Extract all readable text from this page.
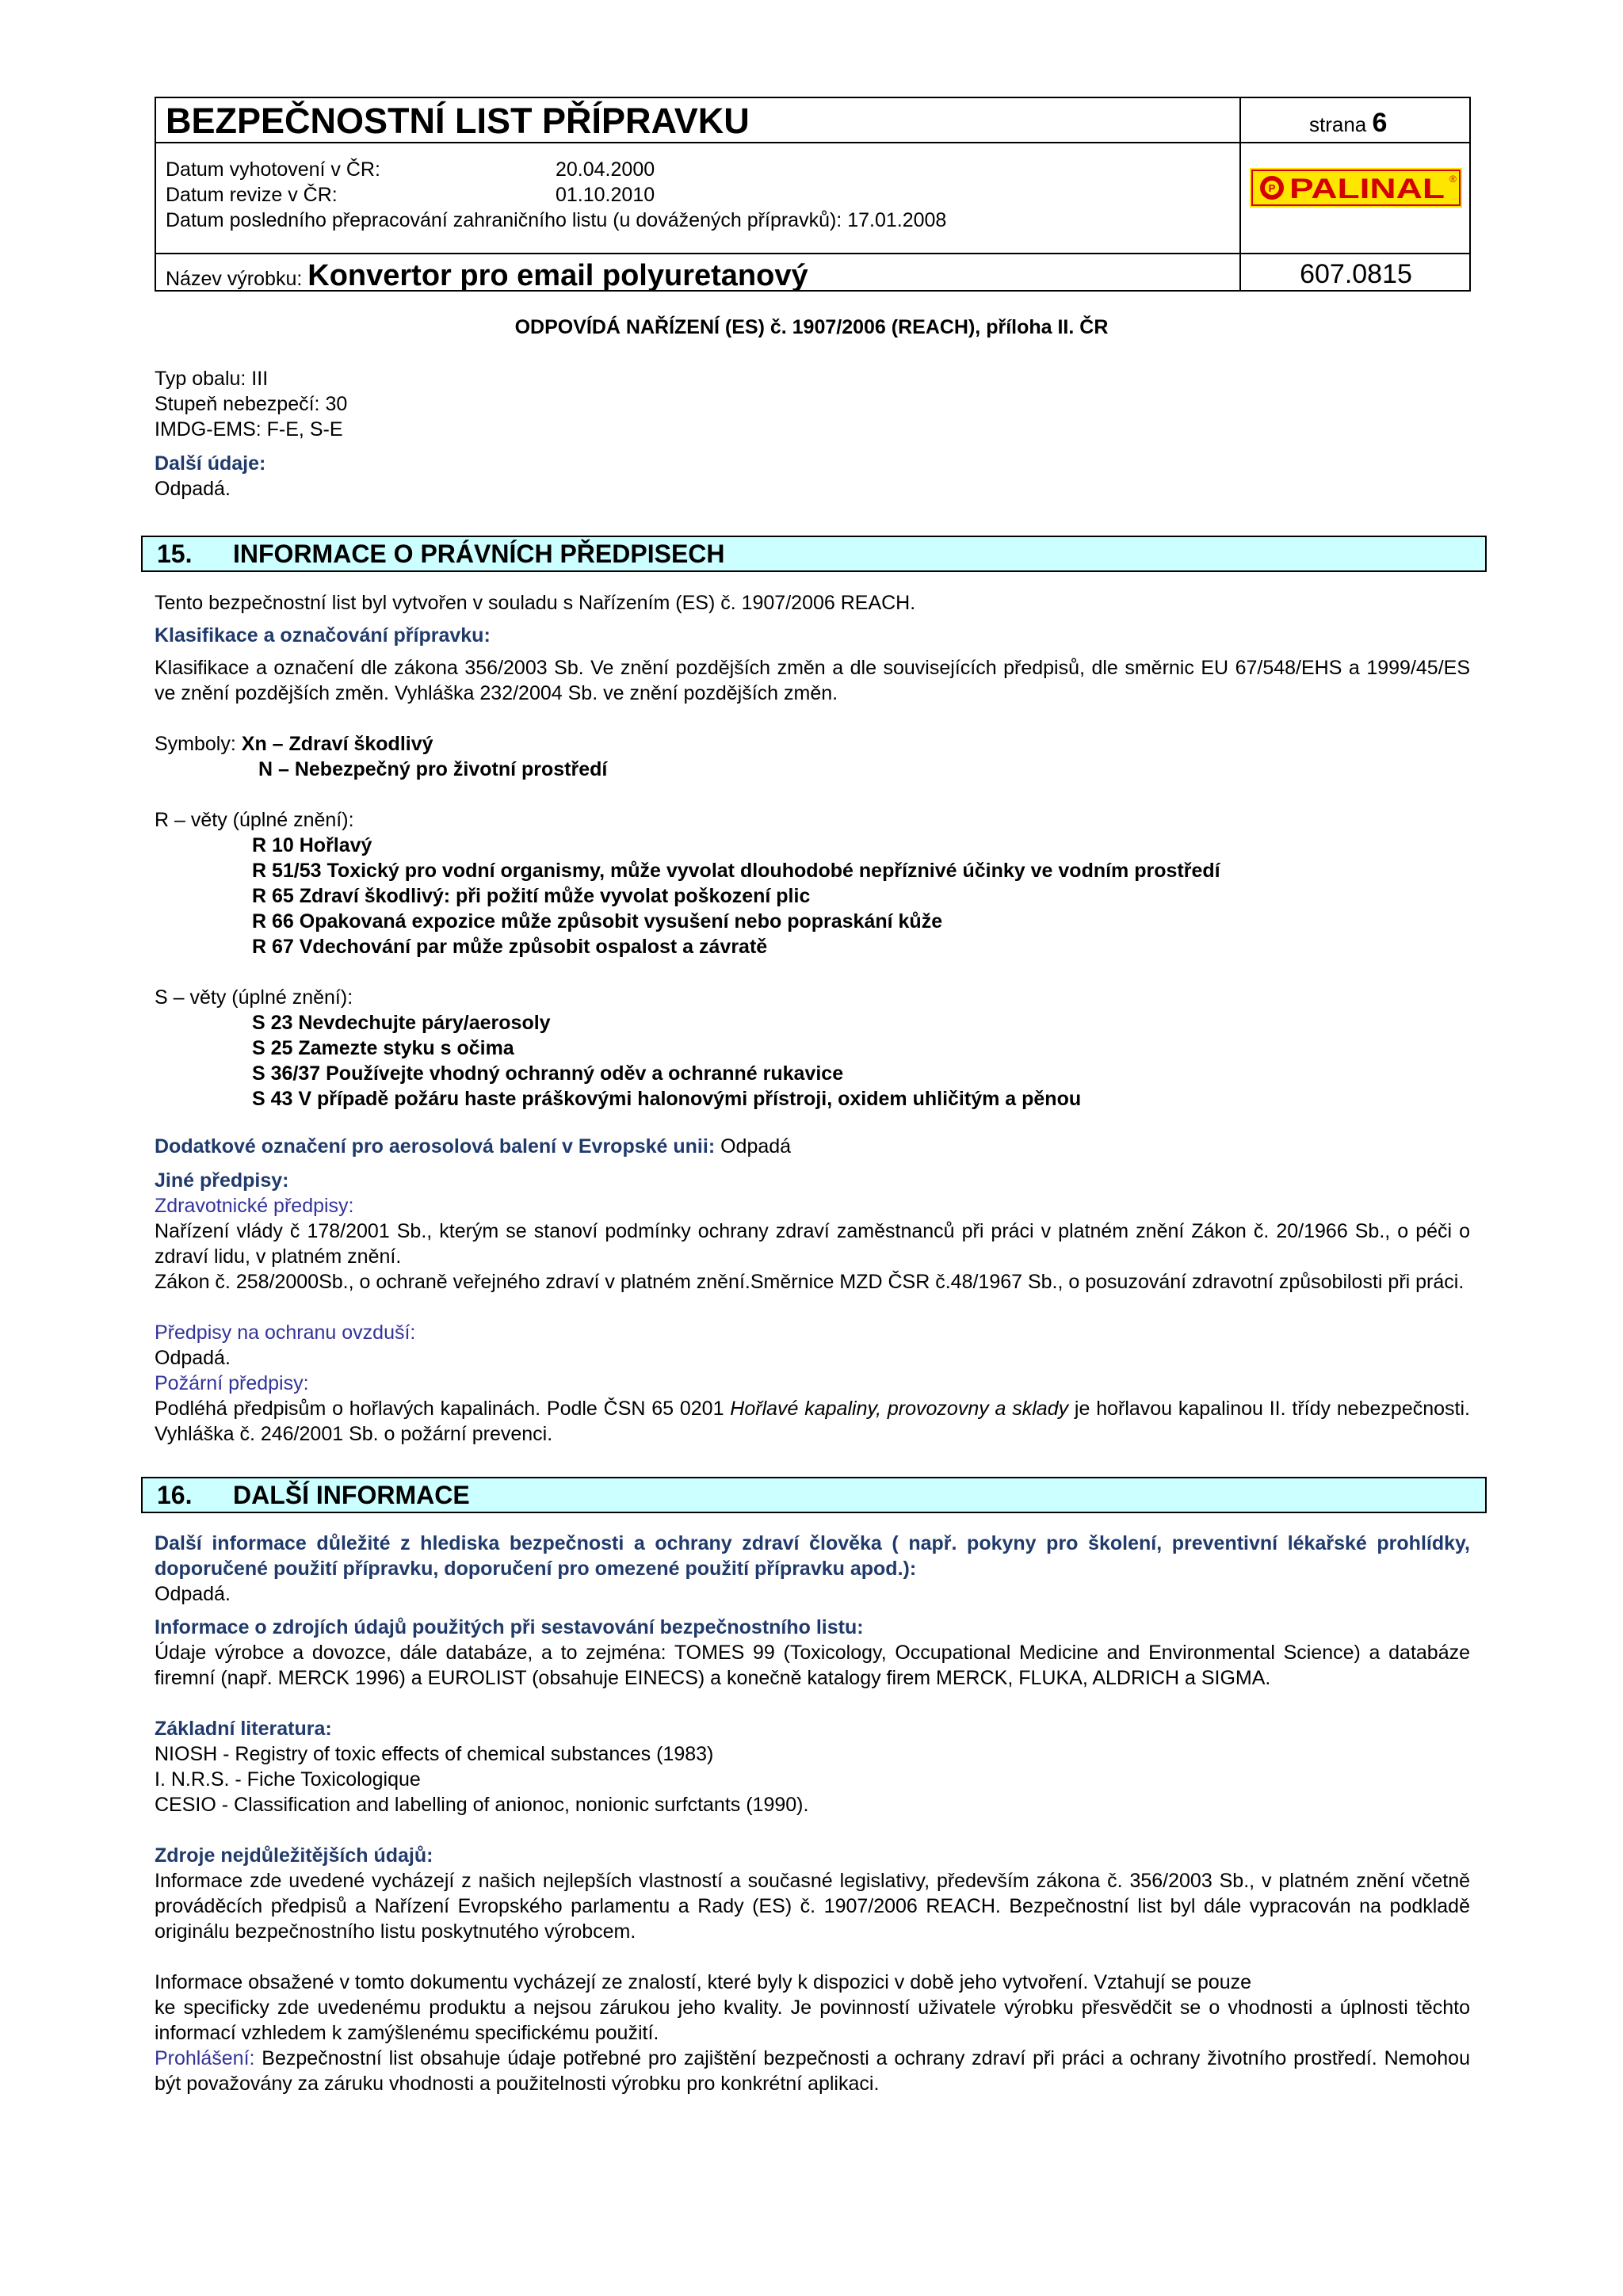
BEZPEČNOSTNÍ LIST PŘÍPRAVKU	strana 6
Datum vyhotovení v ČR:	20.04.2000
Datum revize v ČR:	01.10.2010
Datum posledního přepracování zahraničního listu (u dovážených přípravků): 17.01.2008
P PALINAL ®
Název výrobku: Konvertor pro email polyuretanový	607.0815
ODPOVÍDÁ NAŘÍZENÍ (ES) č. 1907/2006 (REACH), příloha II. ČR

Typ obalu: III

Stupeň nebezpečí: 30

IMDG-EMS: F-E, S-E

Další údaje:
Odpadá.
15. INFORMACE O PRÁVNÍCH PŘEDPISECH
Tento bezpečnostní list byl vytvořen v souladu s Nařízením (ES) č. 1907/2006 REACH.
Klasifikace a označování přípravku:
Klasifikace a označení dle zákona 356/2003 Sb. Ve znění pozdějších změn a dle souvisejících předpisů, dle směrnic EU 67/548/EHS a 1999/45/ES ve znění pozdějších změn. Vyhláška 232/2004 Sb. ve znění pozdějších změn.
Symboly: Xn – Zdraví škodlivý
N – Nebezpečný pro životní prostředí
R – věty (úplné znění):
R 10 Hořlavý
R 51/53 Toxický pro vodní organismy, může vyvolat dlouhodobé nepříznivé účinky ve vodním prostředí
R 65 Zdraví škodlivý: při požití může vyvolat poškození plic
R 66 Opakovaná expozice může způsobit vysušení nebo popraskání kůže
R 67 Vdechování par může způsobit ospalost a závratě
S – věty (úplné znění):
S 23 Nevdechujte páry/aerosoly
S 25 Zamezte styku s očima
S 36/37 Používejte vhodný ochranný oděv a ochranné rukavice
S 43 V případě požáru haste práškovými halonovými přístroji, oxidem uhličitým a pěnou
Dodatkové označení pro aerosolová balení v Evropské unii: Odpadá
Jiné předpisy:
Zdravotnické předpisy:

Nařízení vlády č 178/2001 Sb., kterým se stanoví podmínky ochrany zdraví zaměstnanců při práci v platném znění Zákon č. 20/1966 Sb., o péči o zdraví lidu, v platném znění.

Zákon č. 258/2000Sb., o ochraně veřejného zdraví v platném znění.Směrnice MZD ČSR č.48/1967 Sb., o posuzování zdravotní způsobilosti při práci.

Předpisy na ochranu ovzduší:
Odpadá.
Požární předpisy:
Podléhá předpisům o hořlavých kapalinách. Podle ČSN 65 0201 Hořlavé kapaliny, provozovny a sklady je hořlavou kapalinou II. třídy nebezpečnosti. Vyhláška č. 246/2001 Sb. o požární prevenci.
16. DALŠÍ INFORMACE
Další informace důležité z hlediska bezpečnosti a ochrany zdraví člověka ( např. pokyny pro školení, preventivní lékařské prohlídky, doporučené použití přípravku, doporučení pro omezené použití přípravku apod.):
Odpadá.
Informace o zdrojích údajů použitých při sestavování bezpečnostního listu:
Údaje výrobce a dovozce, dále databáze, a to zejména: TOMES 99 (Toxicology, Occupational Medicine and Environmental Science) a databáze firemní (např. MERCK 1996) a EUROLIST (obsahuje EINECS) a konečně katalogy firem MERCK, FLUKA, ALDRICH a SIGMA.
Základní literatura:

NIOSH - Registry of toxic effects of chemical substances (1983)

I. N.R.S. - Fiche Toxicologique

CESIO - Classification and labelling of anionoc, nonionic surfctants (1990).

Zdroje nejdůležitějších údajů:
Informace zde uvedené vycházejí z našich nejlepších vlastností a současné legislativy, především zákona č. 356/2003 Sb., v platném znění včetně prováděcích předpisů a Nařízení Evropského parlamentu a Rady (ES) č. 1907/2006 REACH. Bezpečnostní list byl dále vypracován na podkladě originálu bezpečnostního listu poskytnutého výrobcem.
Informace obsažené v tomto dokumentu vycházejí ze znalostí, které byly k dispozici v době jeho vytvoření. Vztahují se pouze
ke specificky zde uvedenému produktu a nejsou zárukou jeho kvality. Je povinností uživatele výrobku přesvědčit se o vhodnosti a úplnosti těchto informací vzhledem k zamýšlenému specifickému použití.
Prohlášení: Bezpečnostní list obsahuje údaje potřebné pro zajištění bezpečnosti a ochrany zdraví při práci a ochrany životního prostředí. Nemohou být považovány za záruku vhodnosti a použitelnosti výrobku pro konkrétní aplikaci.
